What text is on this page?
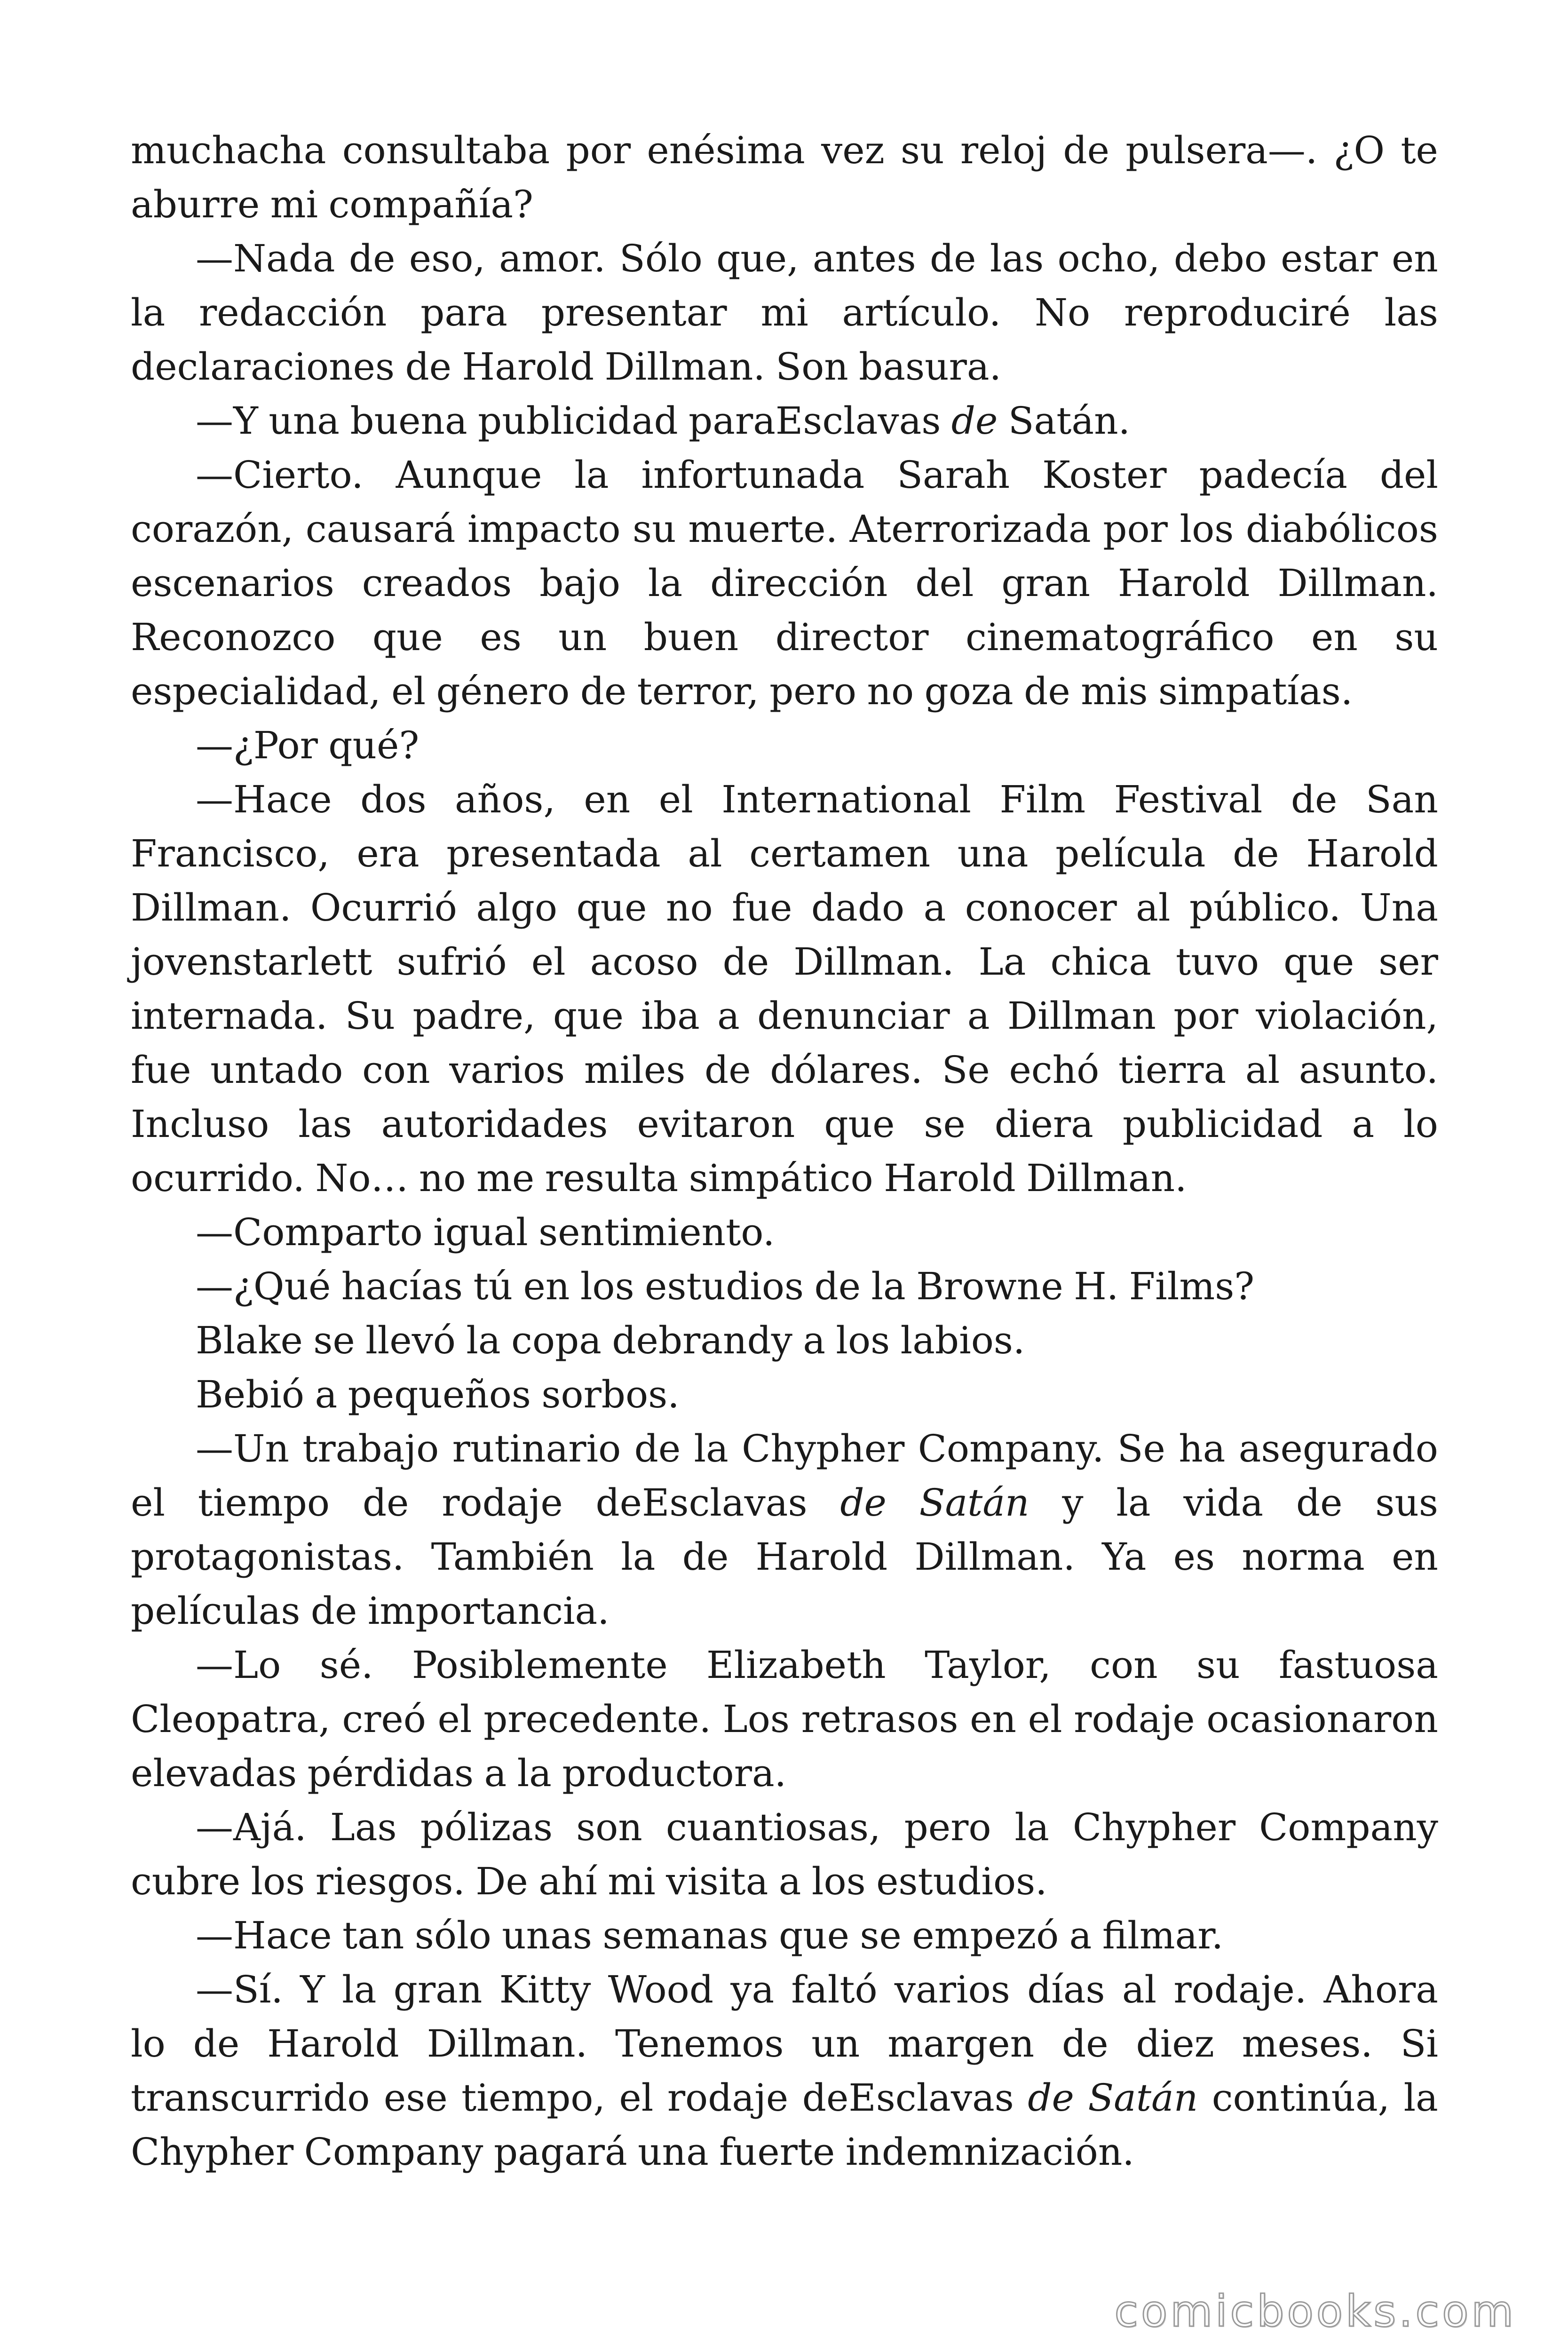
muchacha consultaba por enésima vez su reloj de pulsera—. ¿O te
aburre mi compañía?
—Nada de eso, amor. Sólo que, antes de las ocho, debo estar en
la redacción para presentar mi artículo. No reproduciré las
declaraciones de Harold Dillman. Son basura.
—Y una buena publicidad paraEsclavas de Satán.
—Cierto. Aunque la infortunada Sarah Koster padecía del
corazón, causará impacto su muerte. Aterrorizada por los diabólicos
escenarios creados bajo la dirección del gran Harold Dillman.
Reconozco que es un buen director cinematográfico en su
especialidad, el género de terror, pero no goza de mis simpatías.
—¿Por qué?
—Hace dos años, en el International Film Festival de San
Francisco, era presentada al certamen una película de Harold
Dillman. Ocurrió algo que no fue dado a conocer al público. Una
jovenstarlett sufrió el acoso de Dillman. La chica tuvo que ser
internada. Su padre, que iba a denunciar a Dillman por violación,
fue untado con varios miles de dólares. Se echó tierra al asunto.
Incluso las autoridades evitaron que se diera publicidad a lo
ocurrido. No… no me resulta simpático Harold Dillman.
—Comparto igual sentimiento.
—¿Qué hacías tú en los estudios de la Browne H. Films?
Blake se llevó la copa debrandy a los labios.
Bebió a pequeños sorbos.
—Un trabajo rutinario de la Chypher Company. Se ha asegurado
el tiempo de rodaje deEsclavas de Satán y la vida de sus
protagonistas. También la de Harold Dillman. Ya es norma en
películas de importancia.
—Lo sé. Posiblemente Elizabeth Taylor, con su fastuosa
Cleopatra, creó el precedente. Los retrasos en el rodaje ocasionaron
elevadas pérdidas a la productora.
—Ajá. Las pólizas son cuantiosas, pero la Chypher Company
cubre los riesgos. De ahí mi visita a los estudios.
—Hace tan sólo unas semanas que se empezó a filmar.
—Sí. Y la gran Kitty Wood ya faltó varios días al rodaje. Ahora
lo de Harold Dillman. Tenemos un margen de diez meses. Si
transcurrido ese tiempo, el rodaje deEsclavas de Satán continúa, la
Chypher Company pagará una fuerte indemnización.
comicbooks.com
